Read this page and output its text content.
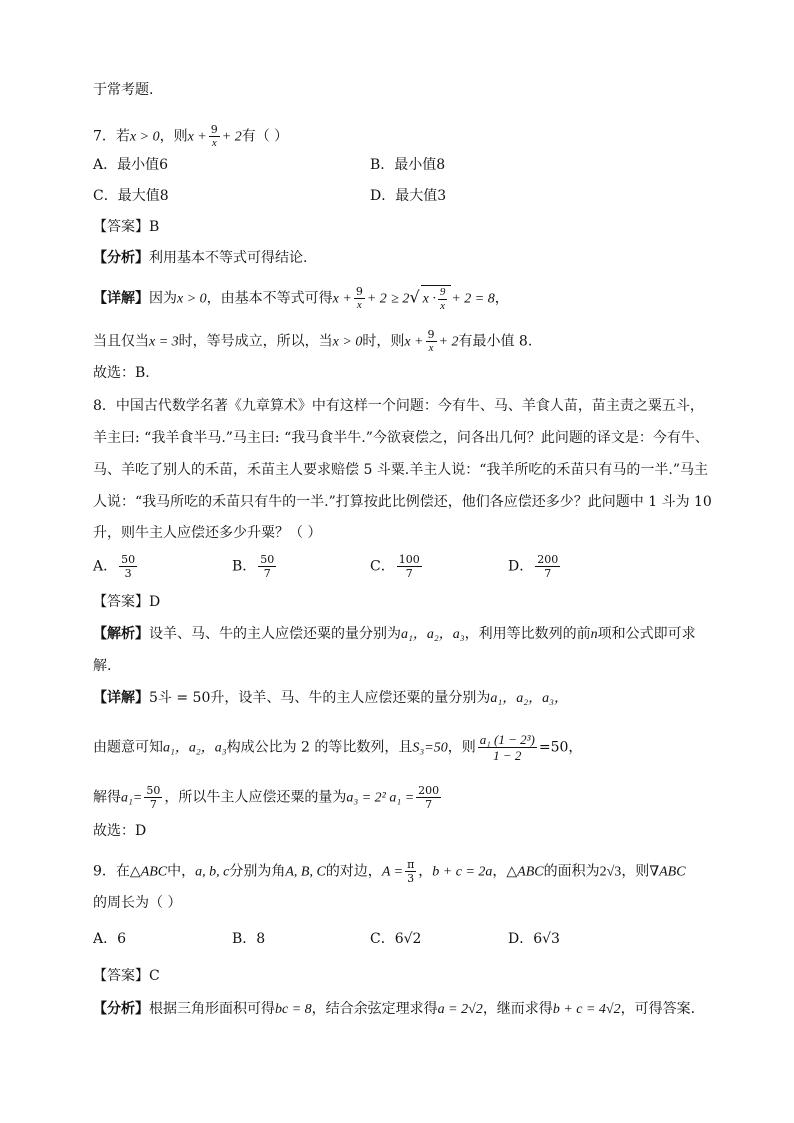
于常考题.
7．若x > 0，则$x + \frac{9}{x} + 2$有（ ）
A．最小值6	B．最小值8
C．最大值8	D．最大值3
【答案】B
【分析】利用基本不等式可得结论.
【详解】因为x > 0，由基本不等式可得$x + \frac{9}{x} + 2 \ge 2√$ $x \cdot \frac{9}{x} + 2 = 8$，
当且仅当x = 3时，等号成立，所以，当x > 0时，则$x + \frac{9}{x} + 2$有最小值 8.
故选：B.
8．中国古代数学名著《九章算术》中有这样一个问题：今有牛、马、羊食人苗，苗主责之粟五斗，
羊主曰: “我羊食半马.”马主曰: “我马食半牛.”今欲衰偿之，问各出几何？此问题的译文是：今有牛、
马、羊吃了别人的禾苗，禾苗主人要求赔偿 5 斗粟.羊主人说：“我羊所吃的禾苗只有马的一半.”马主
人说：“我马所吃的禾苗只有牛的一半.”打算按此比例偿还，他们各应偿还多少？此问题中 1 斗为 10
升，则牛主人应偿还多少升粟？（ ）
A． $\frac{50}{3}$	B． $\frac{50}{7}$	C． $\frac{100}{7}$	D． $\frac{200}{7}$
【答案】D
【解析】设羊、马、牛的主人应偿还粟的量分别为a₁，a₂，a₃，利用等比数列的前n项和公式即可求
解.
【详解】5斗 = 50升，设羊、马、牛的主人应偿还粟的量分别为a₁，a₂，a₃，
由题意可知a₁，a₂，a₃构成公比为 2 的等比数列，且S₃=50，则 $\frac{\text{a₁ (1 − 2³)}}{1 - 2} =50$，
解得$a_1= \frac{50}{7}$ ，所以牛主人应偿还粟的量为a₃ = 2² $a_1 = \frac{200}{7}$
故选：D
9．在△ABC中，a, b, c分别为角A, B, C的对边，$A = \frac{\pi}{3}$ ，b + c = 2a，△ABC的面积为2√3，则∇ABC
的周长为（ ）
A．6	B．8	C．6√2	D．6√3
【答案】C
【分析】根据三角形面积可得bc = 8，结合余弦定理求得a = 2√2，继而求得b + c = 4√2，可得答案.
